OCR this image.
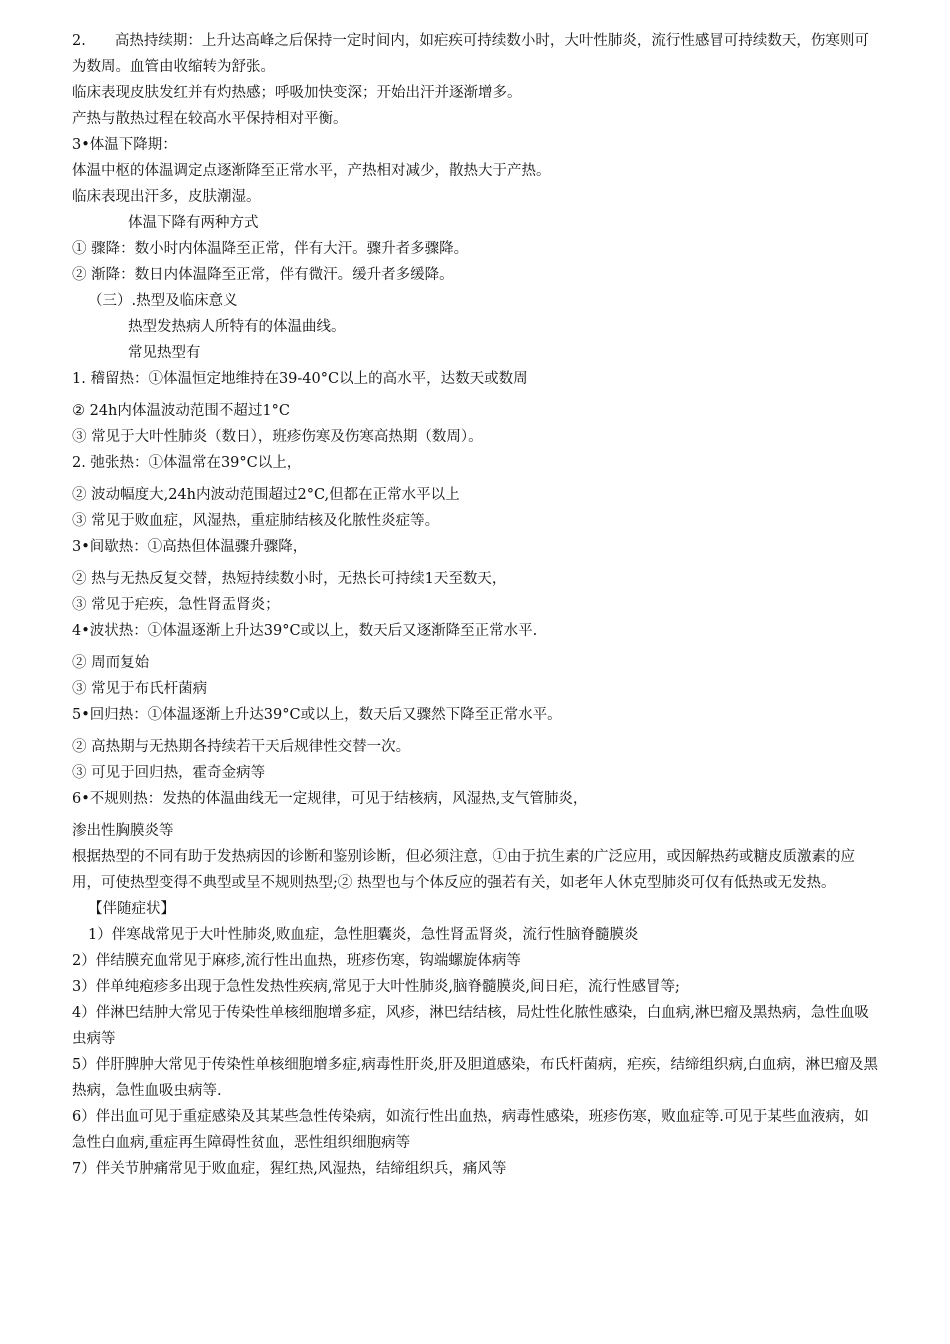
2.　　高热持续期：上升达高峰之后保持一定时间内，如疟疾可持续数小时，大叶性肺炎，流行性感冒可持续数天，伤寒则可为数周。血管由收缩转为舒张。

临床表现皮肤发红并有灼热感；呼吸加快变深；开始出汗并逐渐增多。

产热与散热过程在较高水平保持相对平衡。

3•体温下降期：

体温中枢的体温调定点逐渐降至正常水平，产热相对减少，散热大于产热。

临床表现出汗多，皮肤潮湿。

体温下降有两种方式

① 骤降：数小时内体温降至正常，伴有大汗。骤升者多骤降。

② 渐降：数日内体温降至正常，伴有微汗。缓升者多缓降。

（三）.热型及临床意义

热型发热病人所特有的体温曲线。

常见热型有

1. 稽留热：①体温恒定地维持在39-40°C以上的高水平，达数天或数周

② 24h内体温波动范围不超过1°C

③ 常见于大叶性肺炎（数日），班疹伤寒及伤寒高热期（数周）。

2. 弛张热：①体温常在39°C以上，

② 波动幅度大,24h内波动范围超过2°C,但都在正常水平以上

③ 常见于败血症，风湿热，重症肺结核及化脓性炎症等。

3•间歇热：①高热但体温骤升骤降，

② 热与无热反复交替，热短持续数小时，无热长可持续1天至数天，

③ 常见于疟疾，急性肾盂肾炎；

4•波状热：①体温逐渐上升达39°C或以上，数天后又逐渐降至正常水平.

② 周而复始

③ 常见于布氏杆菌病

5•回归热：①体温逐渐上升达39°C或以上，数天后又骤然下降至正常水平。

② 高热期与无热期各持续若干天后规律性交替一次。

③ 可见于回归热，霍奇金病等

6•不规则热：发热的体温曲线无一定规律，可见于结核病，风湿热,支气管肺炎，

渗出性胸膜炎等

根据热型的不同有助于发热病因的诊断和鉴别诊断，但必须注意，①由于抗生素的广泛应用，或因解热药或糖皮质激素的应用，可使热型变得不典型或呈不规则热型;② 热型也与个体反应的强若有关，如老年人休克型肺炎可仅有低热或无发热。

【伴随症状】

1）伴寒战常见于大叶性肺炎,败血症，急性胆囊炎，急性肾盂肾炎，流行性脑脊髓膜炎

2）伴结膜充血常见于麻疹,流行性出血热，班疹伤寒，钩端螺旋体病等

3）伴单纯疱疹多出现于急性发热性疾病,常见于大叶性肺炎,脑脊髓膜炎,间日疟，流行性感冒等;

4）伴淋巴结肿大常见于传染性单核细胞增多症，风疹，淋巴结结核，局灶性化脓性感染，白血病,淋巴瘤及黑热病，急性血吸虫病等

5）伴肝脾肿大常见于传染性单核细胞增多症,病毒性肝炎,肝及胆道感染，布氏杆菌病，疟疾，结缔组织病,白血病，淋巴瘤及黑热病，急性血吸虫病等.

6）伴出血可见于重症感染及其某些急性传染病，如流行性出血热，病毒性感染，班疹伤寒，败血症等.可见于某些血液病，如急性白血病,重症再生障碍性贫血，恶性组织细胞病等

7）伴关节肿痛常见于败血症，猩红热,风湿热，结缔组织兵，痛风等
